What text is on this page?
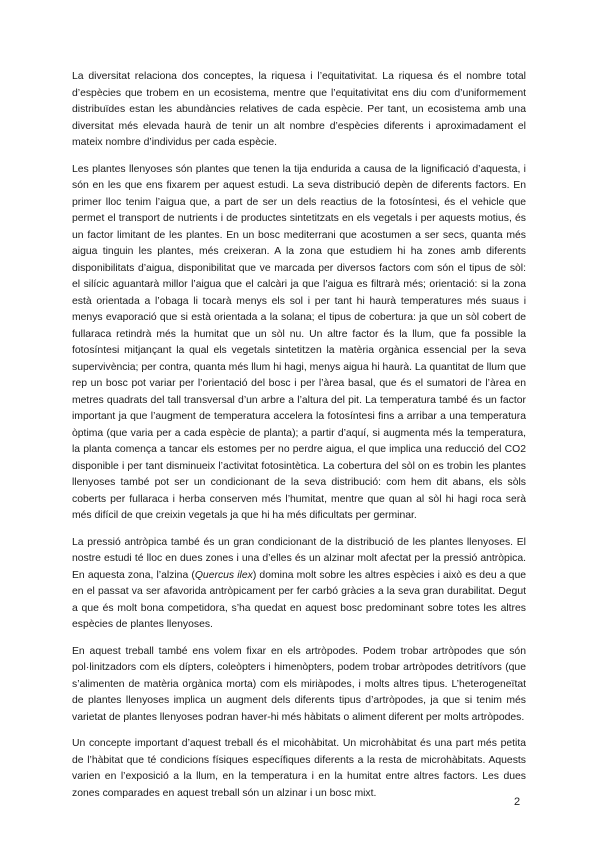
La diversitat relaciona dos conceptes, la riquesa i l’equitativitat. La riquesa és el nombre total d’espècies que trobem en un ecosistema, mentre que l’equitativitat ens diu com d’uniformement distribuïdes estan les abundàncies relatives de cada espècie. Per tant, un ecosistema amb una diversitat més elevada haurà de tenir un alt nombre d’espècies diferents i aproximadament el mateix nombre d’individus per cada espècie.

Les plantes llenyoses són plantes que tenen la tija endurida a causa de la lignificació d’aquesta, i són en les que ens fixarem per aquest estudi. La seva distribució depèn de diferents factors. En primer lloc tenim l’aigua que, a part de ser un dels reactius de la fotosíntesi, és el vehicle que permet el transport de nutrients i de productes sintetitzats en els vegetals i per aquests motius, és un factor limitant de les plantes. En un bosc mediterrani que acostumen a ser secs, quanta més aigua tinguin les plantes, més creixeran. A la zona que estudiem hi ha zones amb diferents disponibilitats d’aigua, disponibilitat que ve marcada per diversos factors com són el tipus de sòl: el silícic aguantarà millor l’aigua que el calcàri ja que l’aigua es filtrarà més; orientació: si la zona està orientada a l’obaga li tocarà menys els sol i per tant hi haurà temperatures més suaus i menys evaporació que si està orientada a la solana; el tipus de cobertura: ja que un sòl cobert de fullaraca retindrà més la humitat que un sòl nu. Un altre factor és la llum, que fa possible la fotosíntesi mitjançant la qual els vegetals sintetitzen la matèria orgànica essencial per la seva supervivència; per contra, quanta més llum hi hagi, menys aigua hi haurà. La quantitat de llum que rep un bosc pot variar per l’orientació del bosc i per l’àrea basal, que és el sumatori de l’àrea en metres quadrats del tall transversal d’un arbre a l’altura del pit. La temperatura també és un factor important ja que l’augment de temperatura accelera la fotosíntesi fins a arribar a una temperatura òptima (que varia per a cada espècie de planta); a partir d’aquí, si augmenta més la temperatura, la planta comença a tancar els estomes per no perdre aigua, el que implica una reducció del CO2 disponible i per tant disminueix l’activitat fotosintètica. La cobertura del sòl on es trobin les plantes llenyoses també pot ser un condicionant de la seva distribució: com hem dit abans, els sòls coberts per fullaraca i herba conserven més l’humitat, mentre que quan al sòl hi hagi roca serà més difícil de que creixin vegetals ja que hi ha més dificultats per germinar.

La pressió antròpica també és un gran condicionant de la distribució de les plantes llenyoses. El nostre estudi té lloc en dues zones i una d’elles és un alzinar molt afectat per la pressió antròpica. En aquesta zona, l’alzina (Quercus ilex) domina molt sobre les altres espècies i això es deu a que en el passat va ser afavorida antròpicament per fer carbó gràcies a la seva gran durabilitat. Degut a que és molt bona competidora, s’ha quedat en aquest bosc predominant sobre totes les altres espècies de plantes llenyoses.

En aquest treball també ens volem fixar en els artròpodes. Podem trobar artròpodes que són pol·linitzadors com els dípters, coleòpters i himenòpters, podem trobar artròpodes detritívors (que s’alimenten de matèria orgànica morta) com els miriàpodes, i molts altres tipus. L’heterogeneïtat de plantes llenyoses implica un augment dels diferents tipus d’artròpodes, ja que si tenim més varietat de plantes llenyoses podran haver-hi més hàbitats o aliment diferent per molts artròpodes.

Un concepte important d’aquest treball és el micohàbitat. Un microhàbitat és una part més petita de l’hàbitat que té condicions físiques específiques diferents a la resta de microhàbitats. Aquests varien en l’exposició a la llum, en la temperatura i en la humitat entre altres factors. Les dues zones comparades en aquest treball són un alzinar i un bosc mixt.

2
